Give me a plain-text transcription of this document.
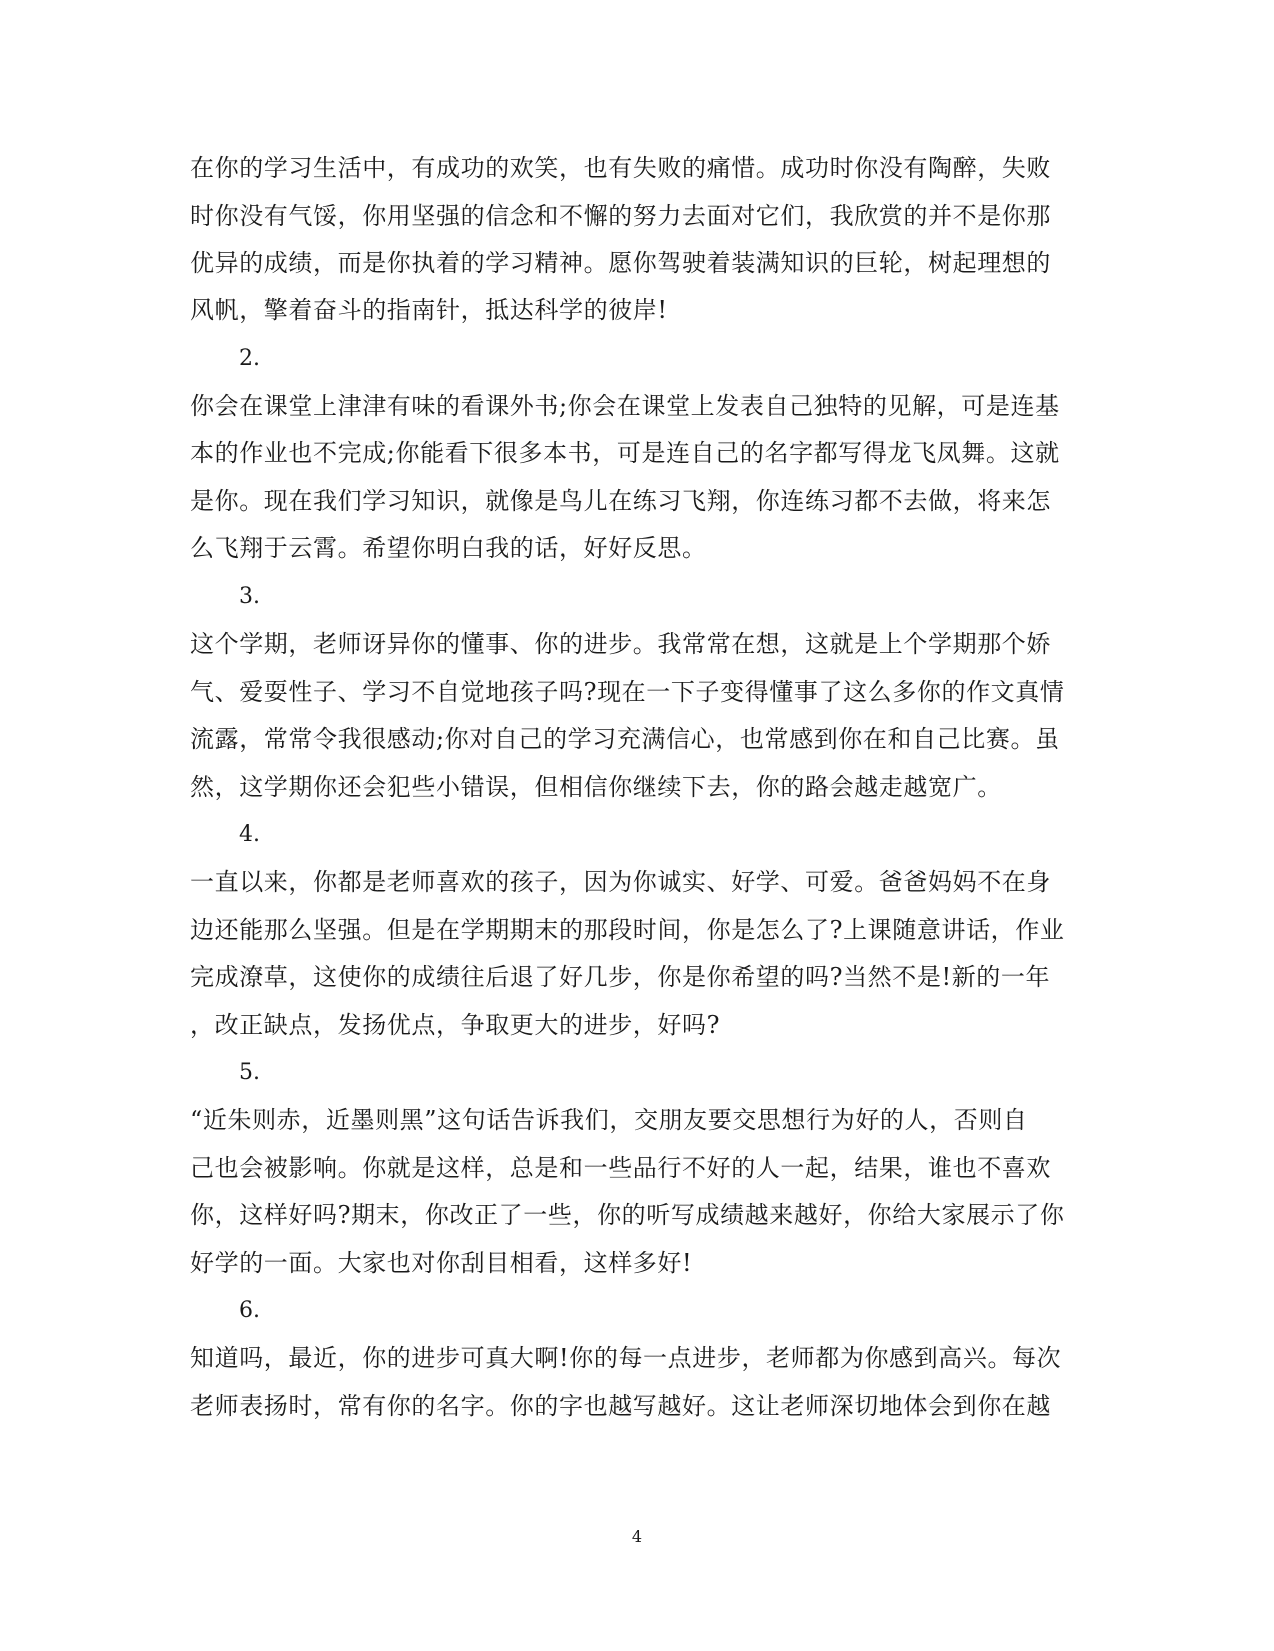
在你的学习生活中，有成功的欢笑，也有失败的痛惜。成功时你没有陶醉，失败
时你没有气馁，你用坚强的信念和不懈的努力去面对它们，我欣赏的并不是你那
优异的成绩，而是你执着的学习精神。愿你驾驶着装满知识的巨轮，树起理想的
风帆，擎着奋斗的指南针，抵达科学的彼岸!
2.
你会在课堂上津津有味的看课外书;你会在课堂上发表自己独特的见解，可是连基
本的作业也不完成;你能看下很多本书，可是连自己的名字都写得龙飞凤舞。这就
是你。现在我们学习知识，就像是鸟儿在练习飞翔，你连练习都不去做，将来怎
么飞翔于云霄。希望你明白我的话，好好反思。
3.
这个学期，老师讶异你的懂事、你的进步。我常常在想，这就是上个学期那个娇
气、爱耍性子、学习不自觉地孩子吗?现在一下子变得懂事了这么多你的作文真情
流露，常常令我很感动;你对自己的学习充满信心，也常感到你在和自己比赛。虽
然，这学期你还会犯些小错误，但相信你继续下去，你的路会越走越宽广。
4.
一直以来，你都是老师喜欢的孩子，因为你诚实、好学、可爱。爸爸妈妈不在身
边还能那么坚强。但是在学期期末的那段时间，你是怎么了?上课随意讲话，作业
完成潦草，这使你的成绩往后退了好几步，你是你希望的吗?当然不是!新的一年
，改正缺点，发扬优点，争取更大的进步，好吗?
5.
“近朱则赤，近墨则黑”这句话告诉我们，交朋友要交思想行为好的人，否则自
己也会被影响。你就是这样，总是和一些品行不好的人一起，结果，谁也不喜欢
你，这样好吗?期末，你改正了一些，你的听写成绩越来越好，你给大家展示了你
好学的一面。大家也对你刮目相看，这样多好!
6.
知道吗，最近，你的进步可真大啊!你的每一点进步，老师都为你感到高兴。每次
老师表扬时，常有你的名字。你的字也越写越好。这让老师深切地体会到你在越
4
